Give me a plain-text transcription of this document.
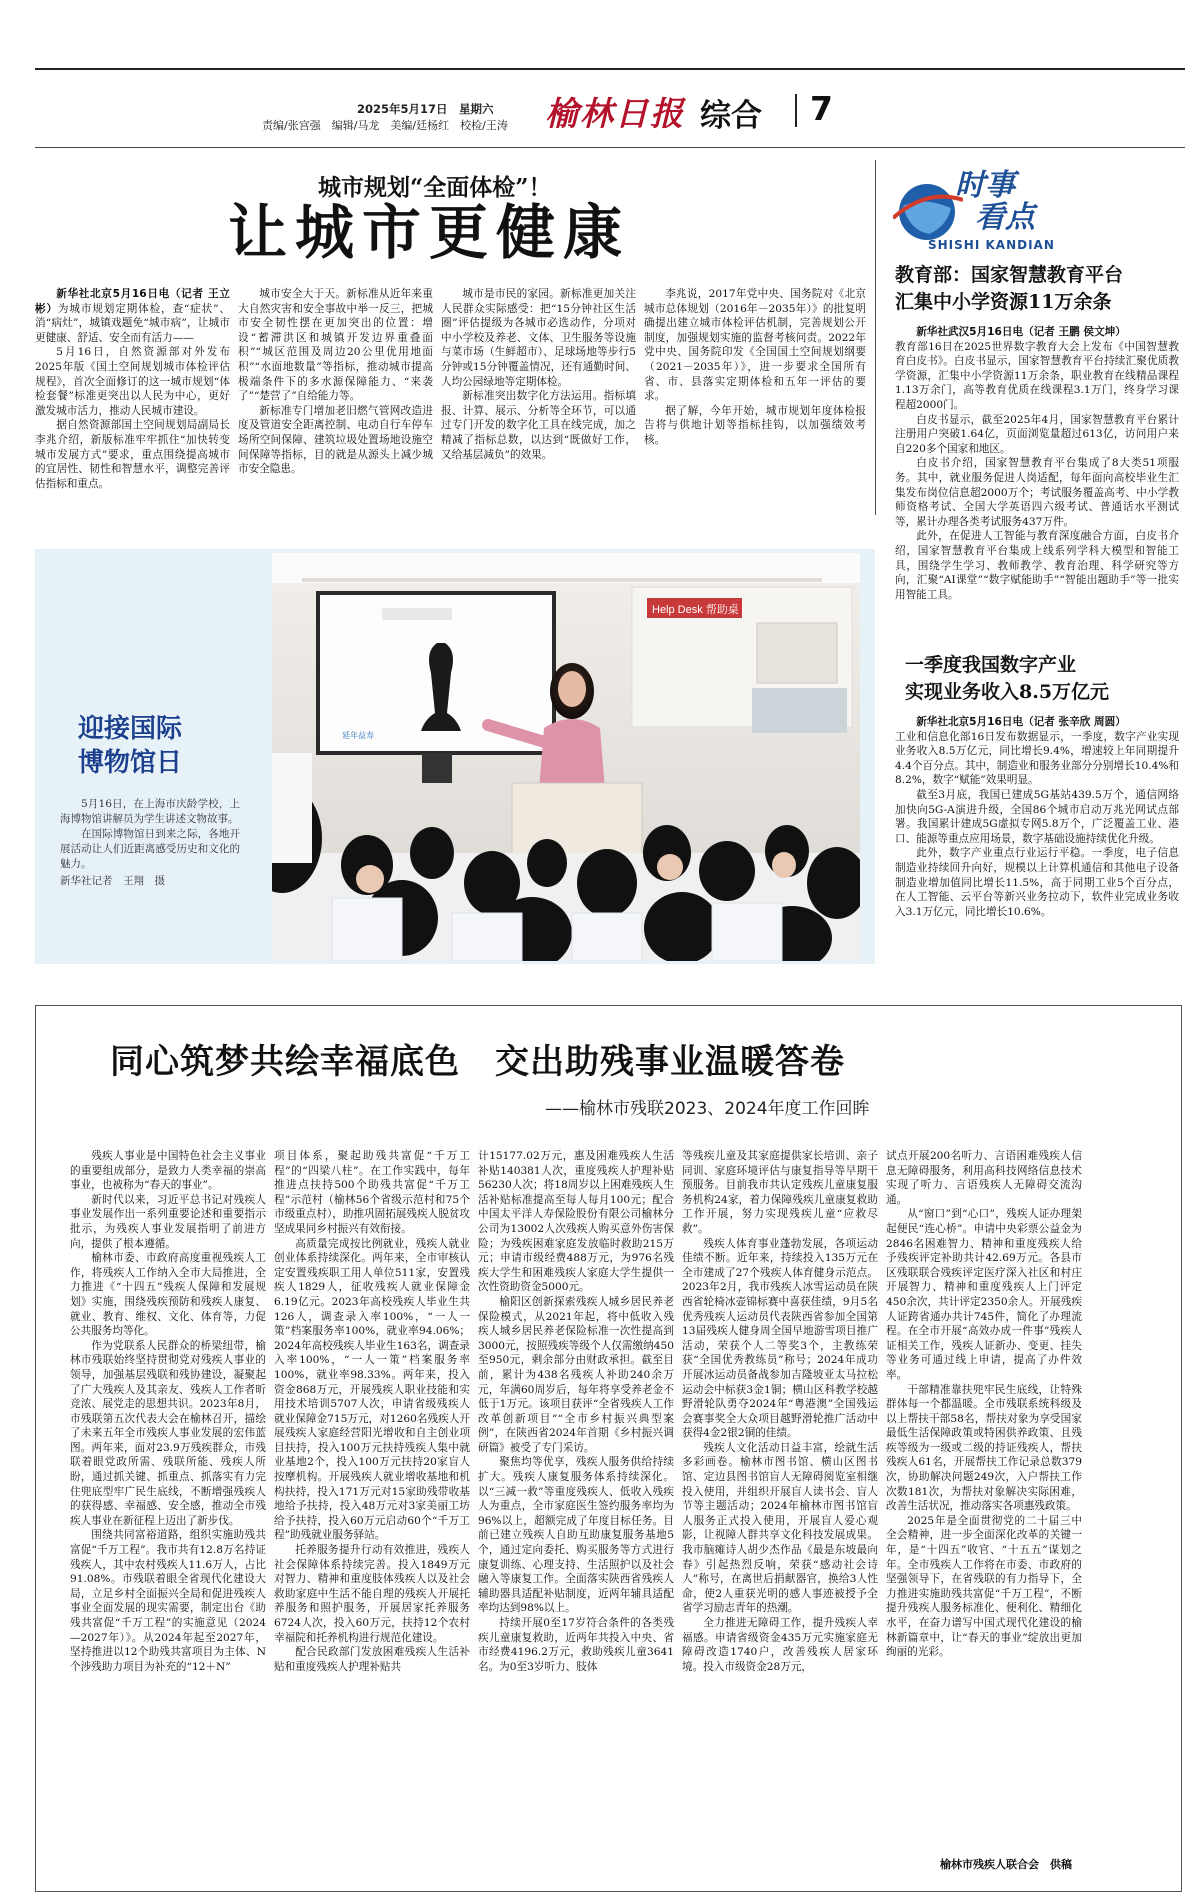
2025年5月17日　 星期六
责编/张宫强　编辑/马龙　美编/廷杨红　校检/王涛 榆林日报 综合 7
城市规划“全面体检”！
让城市更健康

新华社北京5月16日电（记者 王立彬）为城市规划定期体检，查“症状”、消“病灶”，城镇戏题免“城市病”，让城市更健康、舒适、安全而有活力——

5月16日，自然资源部对外发布2025年版《国土空间规划城市体检评估规程》，首次全面修订的这一城市规划“体检套餐”标准更突出以人民为中心，更好激发城市活力，推动人民城市建设。

据自然资源部国土空间规划局副局长李兆介绍，新版标准牢牢抓住“加快转变城市发展方式”要求，重点围绕提高城市的宜居性、韧性和智慧水平，调整完善评估指标和重点。

城市安全大于天。新标准从近年来重大自然灾害和安全事故中举一反三，把城市安全韧性摆在更加突出的位置：增设“蓄滞洪区和城镇开发边界重叠面积”“城区范围及周边20公里优用地面积”“水面地数量”等指标，推动城市提高极端条件下的多水源保障能力、“来袭了”“楚营了”自给能力等。

新标准专门增加老旧燃气管网改造进度及管道安全距离控制、电动自行车停车场所空间保障、建筑垃圾处置场地设施空间保障等指标，目的就是从源头上减少城市安全隐患。

城市是市民的家园。新标准更加关注人民群众实际感受：把“15分钟社区生活圈”评估提级为各城市必选动作，分项对中小学校及养老、文体、卫生服务等设施与菜市场（生鲜超市）、足球场地等步行5分钟或15分钟覆盖情况，还有通勤时间、人均公园绿地等定期体检。

新标准突出数字化方法运用。指标填报、计算、展示、分析等全环节，可以通过专门开发的数字化工具在线完成，加之精减了指标总数，以达到“既做好工作，又给基层减负”的效果。

李兆说，2017年党中央、国务院对《北京城市总体规划（2016年－2035年）》的批复明确提出建立城市体检评估机制，完善规划公开制度，加强规划实施的监督考核问责。2022年党中央、国务院印发《全国国土空间规划纲要（2021－2035年）》，进一步要求全国所有省、市、县落实定期体检和五年一评估的要求。

据了解，今年开始，城市规划年度体检报告将与供地计划等指标挂钩，以加强绩效考核。

迎接国际
博物馆日

5月16日，在上海市庆龄学校，上海博物馆讲解员为学生讲述文物故事。

在国际博物馆日到来之际，各地开展活动让人们近距离感受历史和文化的魅力。

新华社记者　王翔　摄

Help Desk 帮助桌
延年益寿
时事
看点
SHISHI KANDIAN
教育部：国家智慧教育平台
汇集中小学资源11万余条

新华社武汉5月16日电（记者 王鹏 侯文坤）

教育部16日在2025世界数字教育大会上发布《中国智慧教育白皮书》。白皮书显示，国家智慧教育平台持续汇聚优质教学资源，汇集中小学资源11万余条，职业教育在线精品课程1.13万余门，高等教育优质在线课程3.1万门，终身学习课程超2000门。

白皮书显示，截至2025年4月，国家智慧教育平台累计注册用户突破1.64亿，页面浏览量超过613亿，访问用户来自220多个国家和地区。

白皮书介绍，国家智慧教育平台集成了8大类51项服务。其中，就业服务促进人岗适配，每年面向高校毕业生汇集发布岗位信息超2000万个；考试服务覆盖高考、中小学教师资格考试、全国大学英语四六级考试、普通话水平测试等，累计办理各类考试服务437万件。

此外，在促进人工智能与教育深度融合方面，白皮书介绍，国家智慧教育平台集成上线系列学科大模型和智能工具，围绕学生学习、教师教学、教育治理、科学研究等方向，汇聚“AI课堂”“数字赋能助手”“智能出题助手”等一批实用智能工具。

一季度我国数字产业
实现业务收入8.5万亿元

新华社北京5月16日电（记者 张辛欣 周圆）

工业和信息化部16日发布数据显示，一季度，数字产业实现业务收入8.5万亿元，同比增长9.4%，增速较上年同期提升4.4个百分点。其中，制造业和服务业部分分别增长10.4%和8.2%，数字“赋能”效果明显。

截至3月底，我国已建成5G基站439.5万个，通信网络加快向5G-A演进升级，全国86个城市启动万兆光网试点部署。我国累计建成5G虚拟专网5.8万个，广泛覆盖工业、港口、能源等重点应用场景，数字基础设施持续优化升级。

此外，数字产业重点行业运行平稳。一季度，电子信息制造业持续回升向好，规模以上计算机通信和其他电子设备制造业增加值同比增长11.5%，高于同期工业5个百分点，在人工智能、云平台等新兴业务拉动下，软件业完成业务收入3.1万亿元，同比增长10.6%。

同心筑梦共绘幸福底色　交出助残事业温暖答卷
——榆林市残联2023、2024年度工作回眸

残疾人事业是中国特色社会主义事业的重要组成部分，是致力人类幸福的崇高事业，也被称为“春天的事业”。

新时代以来，习近平总书记对残疾人事业发展作出一系列重要论述和重要指示批示，为残疾人事业发展指明了前进方向，提供了根本遵循。

榆林市委、市政府高度重视残疾人工作，将残疾人工作纳入全市大局推进，全力推进《“十四五”残疾人保障和发展规划》实施，围绕残疾预防和残疾人康复、就业、教育、维权、文化、体育等，力促公共服务均等化。

作为党联系人民群众的桥梁纽带，榆林市残联始终坚持贯彻党对残疾人事业的领导，加强基层残联和残协建设，凝聚起了广大残疾人及其亲友、残疾人工作者昕竞浓、展党走的思想共识。2023年8月，市残联第五次代表大会在榆林召开，描绘了未来五年全市残疾人事业发展的宏伟蓝图。两年来，面对23.9万残疾群众，市残联着眼党政所需、残联所能、残疾人所盼，通过抓关键、抓重点、抓落实有力完住兜底型牢广民生底线，不断增强残疾人的获得感、幸福感、安全感，推动全市残疾人事业在新征程上迈出了新步伐。

围绕共同富裕道路，组织实施助残共富促“千万工程”。我市共有12.8万名持证残疾人，其中农村残疾人11.6万人，占比91.08%。市残联着眼全省现代化建设大局，立足乡村全面振兴全局和促进残疾人事业全面发展的现实需要，制定出台《助残共富促“千万工程”的实施意见（2024—2027年）》。从2024年起至2027年，坚持推进以12个助残共富项目为主体、N个涉残助力项目为补充的“12＋N”

项目体系，聚起助残共富促“千万工程”的“四梁八柱”。在工作实践中，每年推进点扶持500个助残共富促“千万工程”示范村（榆林56个省级示范村和75个市级重点村），助推巩固拓展残疾人脱贫攻坚成果同乡村振兴有效衔接。

高质量完成按比例就业，残疾人就业创业体系持续深化。两年来，全市审核认定安置残疾职工用人单位511家，安置残疾人1829人，征收残疾人就业保障金6.19亿元。2023年高校残疾人毕业生共126人，调查录入率100%，“一人一策”档案服务率100%，就业率94.06%；2024年高校残疾人毕业生163名，调查录入率100%，“一人一策”档案服务率100%，就业率98.33%。两年来，投入资金868万元，开展残疾人职业技能和实用技术培训5707人次，申请省级残疾人就业保障金715万元，对1260名残疾人开展残疾人家庭经营阳光增收和自主创业项目扶持，投入100万元扶持残疾人集中就业基地2个，投入100万元扶持20家盲人按摩机构。开展残疾人就业增收基地和机构扶持，投入171万元对15家助残带收基地给予扶持，投入48万元对3家美丽工坊给予扶持，投入60万元启动60个“千万工程”助残就业服务驿站。

托养服务提升行动有效推进，残疾人社会保障体系持续完善。投入1849万元对智力、精神和重度肢体残疾人以及社会救助家庭中生活不能自理的残疾人开展托养服务和照护服务，开展居家托养服务6724人次，投入60万元，扶持12个农村幸福院和托养机构进行规范化建设。

配合民政部门发放困难残疾人生活补贴和重度残疾人护理补贴共

计15177.02万元，惠及困难残疾人生活补贴140381人次，重度残疾人护理补贴56230人次；将18周岁以上困难残疾人生活补贴标准提高至每人每月100元；配合中国太平洋人寿保险股份有限公司榆林分公司为13002人次残疾人购买意外伤害保险；为残疾困难家庭发放临时救助215万元；申请市级经费488万元，为976名残疾大学生和困难残疾人家庭大学生提供一次性资助资金5000元。

榆阳区创新探索残疾人城乡居民养老保险模式，从2021年起，将中低收入残疾人城乡居民养老保险标准一次性提高到3000元，按照残疾等级个人仅需缴纳450至950元，剩余部分由财政承担。截至目前，累计为438名残疾人补助240余万元，年满60周岁后，每年将享受养老金不低于1万元。该项目获评“全省残疾人工作改革创新项目”“全市乡村振兴典型案例”，在陕西省2024年首期《乡村振兴调研篇》被受了专门采访。

聚焦均等优享，残疾人服务供给持续扩大。残疾人康复服务体系持续深化。以“三减一救”等重度残疾人、低收入残疾人为重点，全市家庭医生签约服务率均为96%以上，超额完成了年度目标任务。目前已建立残疾人自助互助康复服务基地5个，通过定向委托、购买服务等方式进行康复训练、心理支持、生活照护以及社会融入等康复工作。全面落实陕西省残疾人辅助器具适配补贴制度，近两年辅具适配率均达到98%以上。

持续开展0至17岁符合条件的各类残疾儿童康复救助，近两年共投入中央、省市经费4196.2万元，救助残疾儿童3641名。为0至3岁听力、肢体

等残疾儿童及其家庭提供家长培训、亲子同训、家庭环境评估与康复指导等早期干预服务。目前我市共认定残疾儿童康复服务机构24家，着力保障残疾儿童康复救助工作开展，努力实现残疾儿童“应救尽救”。

残疾人体育事业蓬勃发展，各项运动佳绩不断。近年来，持续投入135万元在全市建成了27个残疾人体育健身示范点。2023年2月，我市残疾人冰雪运动员在陕西省轮椅冰壶锦标赛中喜获佳绩，9月5名优秀残疾人运动员代表陕西省参加全国第13届残疾人健身周全国早地游雪项目推广活动，荣获个人二等奖3个，主教练荣获“全国优秀教练员”称号；2024年成功开展冰运动员备战参加吉隆坡亚太马拉松运动会中标获3金1铜；横山区科教学校越野滑轮队勇夺2024年“粤港澳”全国残运会赛事奖全大众项目越野滑轮推广活动中获得4金2银2铜的佳绩。

残疾人文化活动日益丰富，绘就生活多彩画卷。榆林市图书馆、横山区图书馆、定边县图书馆盲人无障碍阅览室相继投入使用，并组织开展盲人读书会、盲人节等主题活动；2024年榆林市图书馆盲人服务正式投入使用，开展盲人爱心观影，让视障人群共享文化科技发展成果。我市脑瘫诗人胡少杰作品《最是东坡最向春》引起热烈反响，荣获“感动社会诗人”称号，在离世后捐献器官，换给3人性命，使2人重获光明的感人事迹被授予全省学习励志青年的热潮。

全力推进无障碍工作，提升残疾人幸福感。申请省级资金435万元实施家庭无障碍改造1740户，改善残疾人居家环境。投入市级资金28万元，

试点开展200名听力、言语困难残疾人信息无障碍服务，利用高科技网络信息技术实现了听力、言语残疾人无障碍交流沟通。

从“窗口”到“心口”，残疾人证办理架起便民“连心桥”。申请中央彩票公益金为2846名困难智力、精神和重度残疾人给予残疾评定补助共计42.69万元。各县市区残联联合残疾评定医疗深入社区和村庄开展智力、精神和重度残疾人上门评定450余次，共计评定2350余人。开展残疾人证跨省通办共计745件，简化了办理流程。在全市开展“高效办成一件事”残疾人证相关工作，残疾人证新办、变更、挂失等业务可通过线上申请，提高了办件效率。

干部精准靠扶兜牢民生底线，让特殊群体每一个都温暖。全市残联系统科级及以上帮扶干部58名，帮扶对象为享受国家最低生活保障政策或特困供养政策、且残疾等级为一级或二级的持证残疾人，帮扶残疾人61名，开展帮扶工作记录总数379次，协助解决问题249次，入户帮扶工作次数181次，为帮扶对象解决实际困难，改善生活状况，推动落实各项惠残政策。

2025年是全面贯彻党的二十届三中全会精神，进一步全面深化改革的关键一年，是“十四五”收官、“十五五”谋划之年。全市残疾人工作将在市委、市政府的坚强领导下，在省残联的有力指导下，全力推进实施助残共富促“千万工程”，不断提升残疾人服务标准化、便利化、精细化水平，在奋力谱写中国式现代化建设的榆林新篇章中，让“春天的事业”绽放出更加绚丽的光彩。

榆林市残疾人联合会　供稿
